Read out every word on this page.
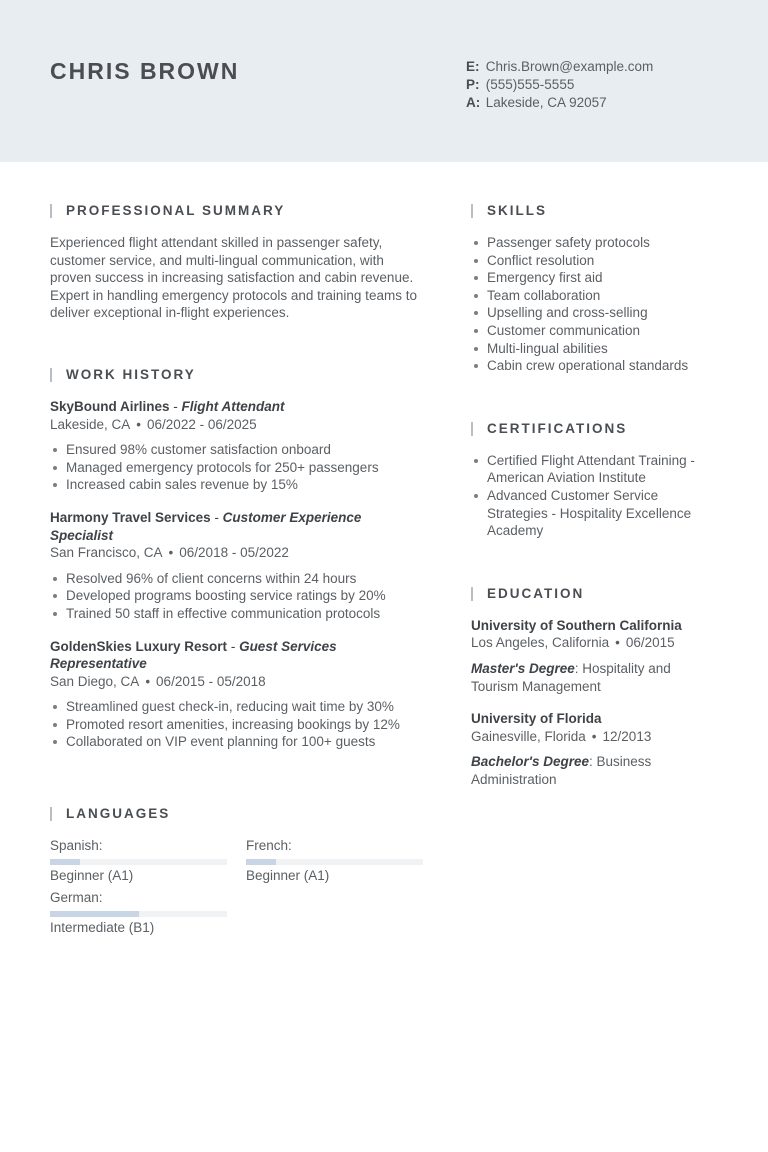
CHRIS BROWN	E: Chris.Brown@example.com
P: (555)555-5555
A: Lakeside, CA 92057
PROFESSIONAL SUMMARY

Experienced flight attendant skilled in passenger safety, customer service, and multi-lingual communication, with proven success in increasing satisfaction and cabin revenue. Expert in handling emergency protocols and training teams to deliver exceptional in-flight experiences.

WORK HISTORY
SkyBound Airlines - Flight Attendant
Lakeside, CA • 06/2022 - 06/2025
Ensured 98% customer satisfaction onboard
Managed emergency protocols for 250+ passengers
Increased cabin sales revenue by 15%
Harmony Travel Services - Customer Experience Specialist
San Francisco, CA • 06/2018 - 05/2022
Resolved 96% of client concerns within 24 hours
Developed programs boosting service ratings by 20%
Trained 50 staff in effective communication protocols
GoldenSkies Luxury Resort - Guest Services Representative
San Diego, CA • 06/2015 - 05/2018
Streamlined guest check-in, reducing wait time by 30%
Promoted resort amenities, increasing bookings by 12%
Collaborated on VIP event planning for 100+ guests
LANGUAGES
Spanish:
Beginner (A1)
French:
Beginner (A1)
German:
Intermediate (B1)
SKILLS
Passenger safety protocols
Conflict resolution
Emergency first aid
Team collaboration
Upselling and cross-selling
Customer communication
Multi-lingual abilities
Cabin crew operational standards
CERTIFICATIONS
Certified Flight Attendant Training - American Aviation Institute
Advanced Customer Service Strategies - Hospitality Excellence Academy
EDUCATION
University of Southern California
Los Angeles, California • 06/2015
Master's Degree: Hospitality and Tourism Management
University of Florida
Gainesville, Florida • 12/2013
Bachelor's Degree: Business Administration
